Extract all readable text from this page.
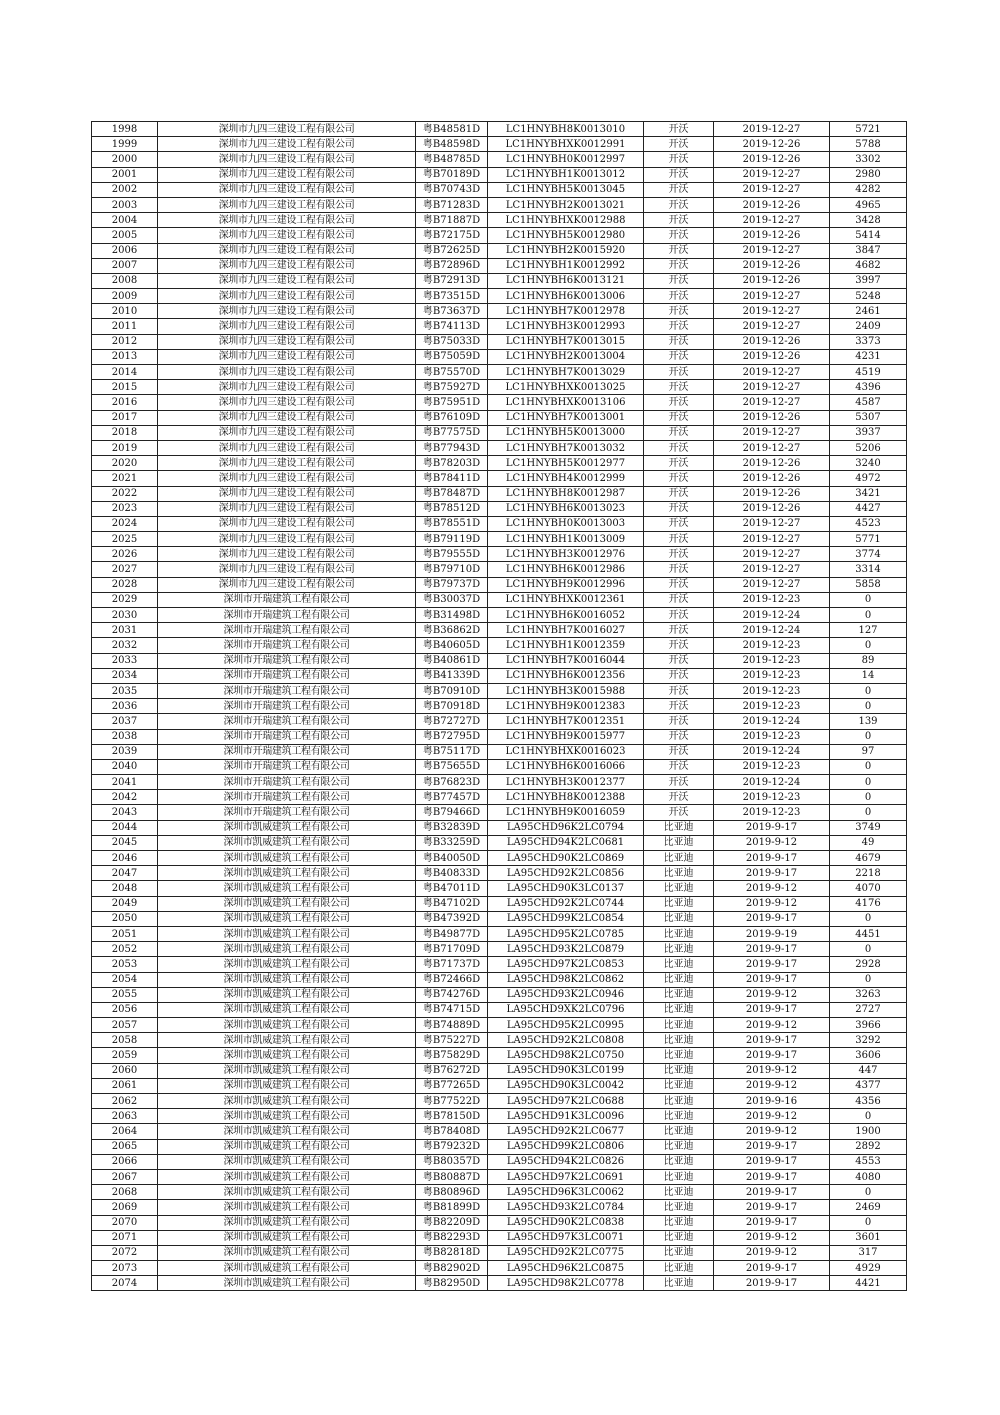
1998	深圳市九四三建设工程有限公司	粤B48581D	LC1HNYBH8K0013010	开沃	2019-12-27	5721
1999	深圳市九四三建设工程有限公司	粤B48598D	LC1HNYBHXK0012991	开沃	2019-12-26	5788
2000	深圳市九四三建设工程有限公司	粤B48785D	LC1HNYBH0K0012997	开沃	2019-12-26	3302
2001	深圳市九四三建设工程有限公司	粤B70189D	LC1HNYBH1K0013012	开沃	2019-12-27	2980
2002	深圳市九四三建设工程有限公司	粤B70743D	LC1HNYBH5K0013045	开沃	2019-12-27	4282
2003	深圳市九四三建设工程有限公司	粤B71283D	LC1HNYBH2K0013021	开沃	2019-12-26	4965
2004	深圳市九四三建设工程有限公司	粤B71887D	LC1HNYBHXK0012988	开沃	2019-12-27	3428
2005	深圳市九四三建设工程有限公司	粤B72175D	LC1HNYBH5K0012980	开沃	2019-12-26	5414
2006	深圳市九四三建设工程有限公司	粤B72625D	LC1HNYBH2K0015920	开沃	2019-12-27	3847
2007	深圳市九四三建设工程有限公司	粤B72896D	LC1HNYBH1K0012992	开沃	2019-12-26	4682
2008	深圳市九四三建设工程有限公司	粤B72913D	LC1HNYBH6K0013121	开沃	2019-12-26	3997
2009	深圳市九四三建设工程有限公司	粤B73515D	LC1HNYBH6K0013006	开沃	2019-12-27	5248
2010	深圳市九四三建设工程有限公司	粤B73637D	LC1HNYBH7K0012978	开沃	2019-12-27	2461
2011	深圳市九四三建设工程有限公司	粤B74113D	LC1HNYBH3K0012993	开沃	2019-12-27	2409
2012	深圳市九四三建设工程有限公司	粤B75033D	LC1HNYBH7K0013015	开沃	2019-12-26	3373
2013	深圳市九四三建设工程有限公司	粤B75059D	LC1HNYBH2K0013004	开沃	2019-12-26	4231
2014	深圳市九四三建设工程有限公司	粤B75570D	LC1HNYBH7K0013029	开沃	2019-12-27	4519
2015	深圳市九四三建设工程有限公司	粤B75927D	LC1HNYBHXK0013025	开沃	2019-12-27	4396
2016	深圳市九四三建设工程有限公司	粤B75951D	LC1HNYBHXK0013106	开沃	2019-12-27	4587
2017	深圳市九四三建设工程有限公司	粤B76109D	LC1HNYBH7K0013001	开沃	2019-12-26	5307
2018	深圳市九四三建设工程有限公司	粤B77575D	LC1HNYBH5K0013000	开沃	2019-12-27	3937
2019	深圳市九四三建设工程有限公司	粤B77943D	LC1HNYBH7K0013032	开沃	2019-12-27	5206
2020	深圳市九四三建设工程有限公司	粤B78203D	LC1HNYBH5K0012977	开沃	2019-12-26	3240
2021	深圳市九四三建设工程有限公司	粤B78411D	LC1HNYBH4K0012999	开沃	2019-12-26	4972
2022	深圳市九四三建设工程有限公司	粤B78487D	LC1HNYBH8K0012987	开沃	2019-12-26	3421
2023	深圳市九四三建设工程有限公司	粤B78512D	LC1HNYBH6K0013023	开沃	2019-12-26	4427
2024	深圳市九四三建设工程有限公司	粤B78551D	LC1HNYBH0K0013003	开沃	2019-12-27	4523
2025	深圳市九四三建设工程有限公司	粤B79119D	LC1HNYBH1K0013009	开沃	2019-12-27	5771
2026	深圳市九四三建设工程有限公司	粤B79555D	LC1HNYBH3K0012976	开沃	2019-12-27	3774
2027	深圳市九四三建设工程有限公司	粤B79710D	LC1HNYBH6K0012986	开沃	2019-12-27	3314
2028	深圳市九四三建设工程有限公司	粤B79737D	LC1HNYBH9K0012996	开沃	2019-12-27	5858
2029	深圳市开瑞建筑工程有限公司	粤B30037D	LC1HNYBHXK0012361	开沃	2019-12-23	0
2030	深圳市开瑞建筑工程有限公司	粤B31498D	LC1HNYBH6K0016052	开沃	2019-12-24	0
2031	深圳市开瑞建筑工程有限公司	粤B36862D	LC1HNYBH7K0016027	开沃	2019-12-24	127
2032	深圳市开瑞建筑工程有限公司	粤B40605D	LC1HNYBH1K0012359	开沃	2019-12-23	0
2033	深圳市开瑞建筑工程有限公司	粤B40861D	LC1HNYBH7K0016044	开沃	2019-12-23	89
2034	深圳市开瑞建筑工程有限公司	粤B41339D	LC1HNYBH6K0012356	开沃	2019-12-23	14
2035	深圳市开瑞建筑工程有限公司	粤B70910D	LC1HNYBH3K0015988	开沃	2019-12-23	0
2036	深圳市开瑞建筑工程有限公司	粤B70918D	LC1HNYBH9K0012383	开沃	2019-12-23	0
2037	深圳市开瑞建筑工程有限公司	粤B72727D	LC1HNYBH7K0012351	开沃	2019-12-24	139
2038	深圳市开瑞建筑工程有限公司	粤B72795D	LC1HNYBH9K0015977	开沃	2019-12-23	0
2039	深圳市开瑞建筑工程有限公司	粤B75117D	LC1HNYBHXK0016023	开沃	2019-12-24	97
2040	深圳市开瑞建筑工程有限公司	粤B75655D	LC1HNYBH6K0016066	开沃	2019-12-23	0
2041	深圳市开瑞建筑工程有限公司	粤B76823D	LC1HNYBH3K0012377	开沃	2019-12-24	0
2042	深圳市开瑞建筑工程有限公司	粤B77457D	LC1HNYBH8K0012388	开沃	2019-12-23	0
2043	深圳市开瑞建筑工程有限公司	粤B79466D	LC1HNYBH9K0016059	开沃	2019-12-23	0
2044	深圳市凯威建筑工程有限公司	粤B32839D	LA95CHD96K2LC0794	比亚迪	2019-9-17	3749
2045	深圳市凯威建筑工程有限公司	粤B33259D	LA95CHD94K2LC0681	比亚迪	2019-9-12	49
2046	深圳市凯威建筑工程有限公司	粤B40050D	LA95CHD90K2LC0869	比亚迪	2019-9-17	4679
2047	深圳市凯威建筑工程有限公司	粤B40833D	LA95CHD92K2LC0856	比亚迪	2019-9-17	2218
2048	深圳市凯威建筑工程有限公司	粤B47011D	LA95CHD90K3LC0137	比亚迪	2019-9-12	4070
2049	深圳市凯威建筑工程有限公司	粤B47102D	LA95CHD92K2LC0744	比亚迪	2019-9-12	4176
2050	深圳市凯威建筑工程有限公司	粤B47392D	LA95CHD99K2LC0854	比亚迪	2019-9-17	0
2051	深圳市凯威建筑工程有限公司	粤B49877D	LA95CHD95K2LC0785	比亚迪	2019-9-19	4451
2052	深圳市凯威建筑工程有限公司	粤B71709D	LA95CHD93K2LC0879	比亚迪	2019-9-17	0
2053	深圳市凯威建筑工程有限公司	粤B71737D	LA95CHD97K2LC0853	比亚迪	2019-9-17	2928
2054	深圳市凯威建筑工程有限公司	粤B72466D	LA95CHD98K2LC0862	比亚迪	2019-9-17	0
2055	深圳市凯威建筑工程有限公司	粤B74276D	LA95CHD93K2LC0946	比亚迪	2019-9-12	3263
2056	深圳市凯威建筑工程有限公司	粤B74715D	LA95CHD9XK2LC0796	比亚迪	2019-9-17	2727
2057	深圳市凯威建筑工程有限公司	粤B74889D	LA95CHD95K2LC0995	比亚迪	2019-9-12	3966
2058	深圳市凯威建筑工程有限公司	粤B75227D	LA95CHD92K2LC0808	比亚迪	2019-9-17	3292
2059	深圳市凯威建筑工程有限公司	粤B75829D	LA95CHD98K2LC0750	比亚迪	2019-9-17	3606
2060	深圳市凯威建筑工程有限公司	粤B76272D	LA95CHD90K3LC0199	比亚迪	2019-9-12	447
2061	深圳市凯威建筑工程有限公司	粤B77265D	LA95CHD90K3LC0042	比亚迪	2019-9-12	4377
2062	深圳市凯威建筑工程有限公司	粤B77522D	LA95CHD97K2LC0688	比亚迪	2019-9-16	4356
2063	深圳市凯威建筑工程有限公司	粤B78150D	LA95CHD91K3LC0096	比亚迪	2019-9-12	0
2064	深圳市凯威建筑工程有限公司	粤B78408D	LA95CHD92K2LC0677	比亚迪	2019-9-12	1900
2065	深圳市凯威建筑工程有限公司	粤B79232D	LA95CHD99K2LC0806	比亚迪	2019-9-17	2892
2066	深圳市凯威建筑工程有限公司	粤B80357D	LA95CHD94K2LC0826	比亚迪	2019-9-17	4553
2067	深圳市凯威建筑工程有限公司	粤B80887D	LA95CHD97K2LC0691	比亚迪	2019-9-17	4080
2068	深圳市凯威建筑工程有限公司	粤B80896D	LA95CHD96K3LC0062	比亚迪	2019-9-17	0
2069	深圳市凯威建筑工程有限公司	粤B81899D	LA95CHD93K2LC0784	比亚迪	2019-9-17	2469
2070	深圳市凯威建筑工程有限公司	粤B82209D	LA95CHD90K2LC0838	比亚迪	2019-9-17	0
2071	深圳市凯威建筑工程有限公司	粤B82293D	LA95CHD97K3LC0071	比亚迪	2019-9-12	3601
2072	深圳市凯威建筑工程有限公司	粤B82818D	LA95CHD92K2LC0775	比亚迪	2019-9-12	317
2073	深圳市凯威建筑工程有限公司	粤B82902D	LA95CHD96K2LC0875	比亚迪	2019-9-17	4929
2074	深圳市凯威建筑工程有限公司	粤B82950D	LA95CHD98K2LC0778	比亚迪	2019-9-17	4421
